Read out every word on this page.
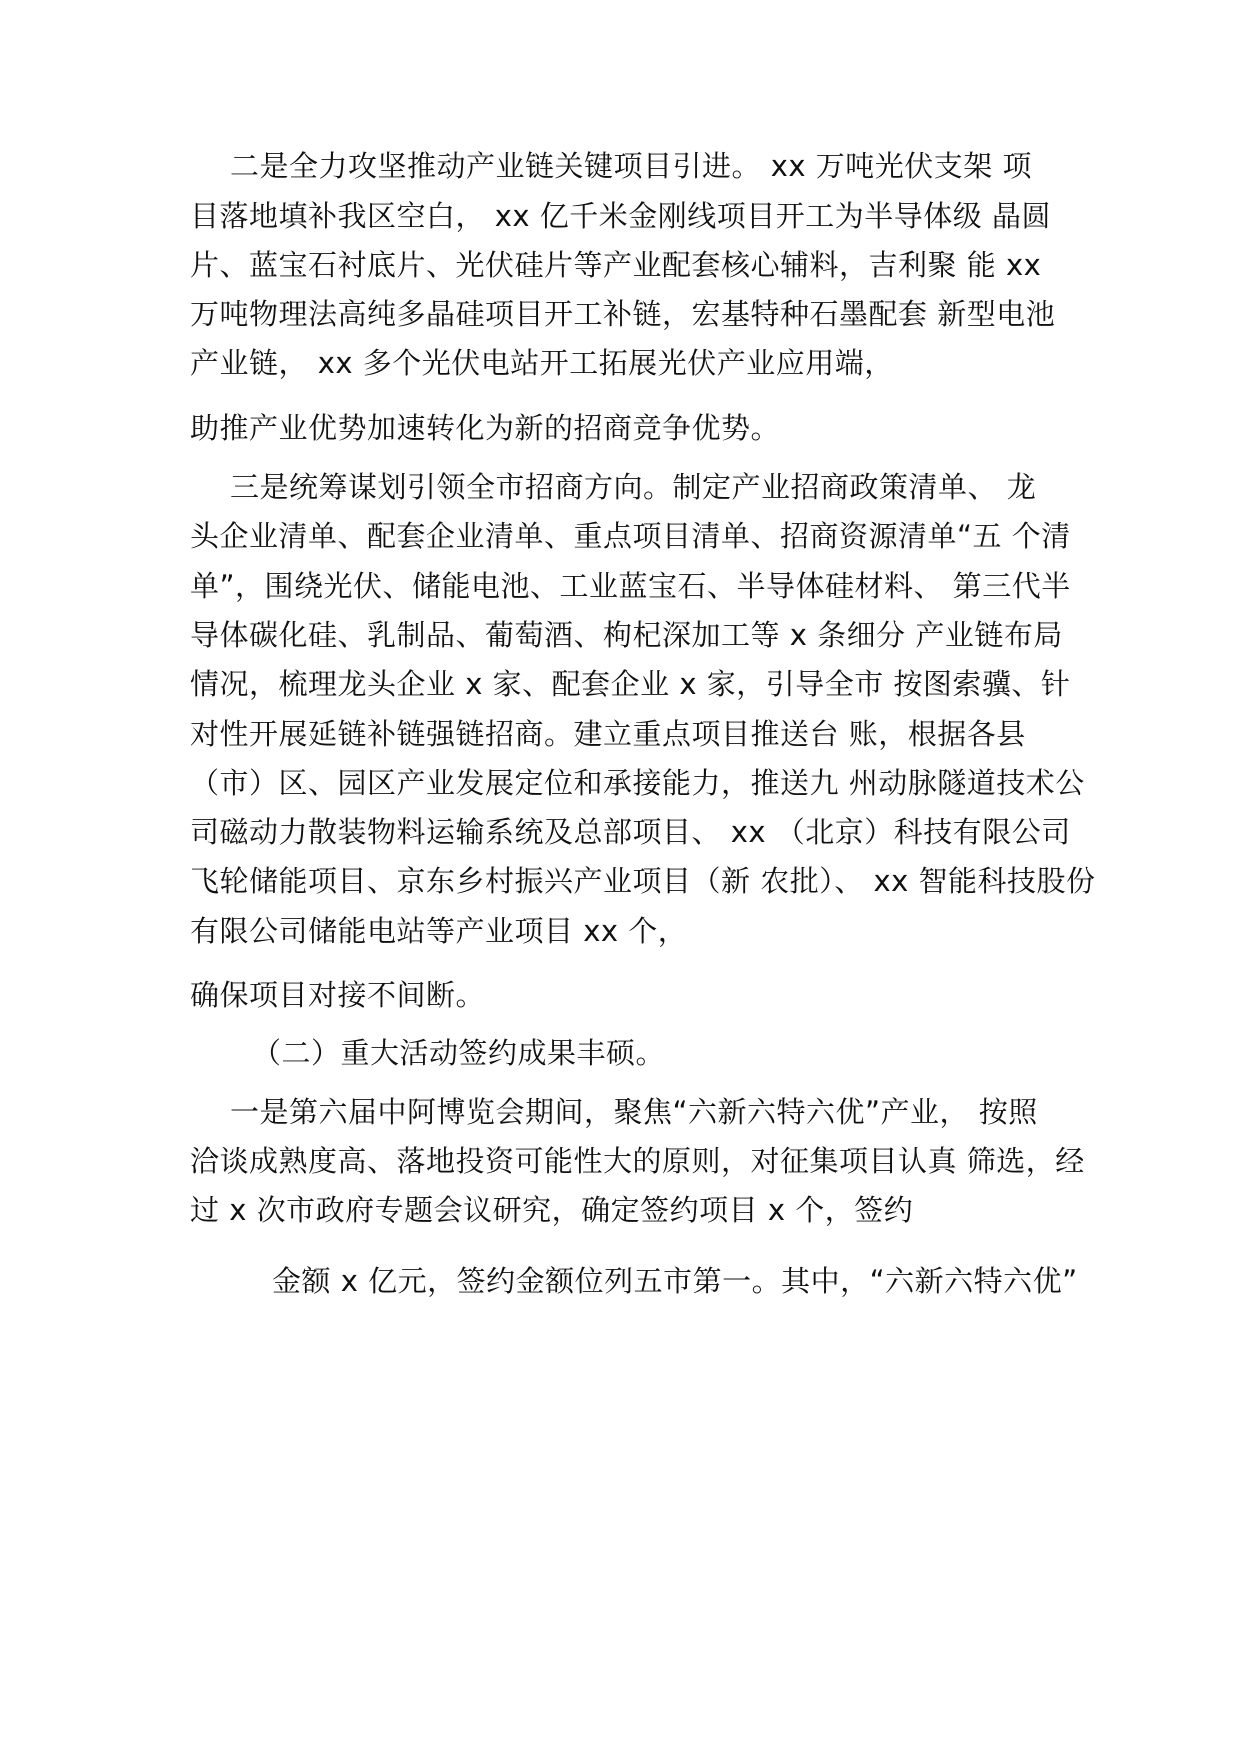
二是全力攻坚推动产业链关键项目引进。 xx 万吨光伏支架 项
目落地填补我区空白， xx 亿千米金刚线项目开工为半导体级 晶圆
片、蓝宝石衬底片、光伏硅片等产业配套核心辅料，吉利聚 能 xx
万吨物理法高纯多晶硅项目开工补链，宏基特种石墨配套 新型电池
产业链， xx 多个光伏电站开工拓展光伏产业应用端，
助推产业优势加速转化为新的招商竞争优势。
三是统筹谋划引领全市招商方向。制定产业招商政策清单、 龙
头企业清单、配套企业清单、重点项目清单、招商资源清单“五 个清
单”，围绕光伏、储能电池、工业蓝宝石、半导体硅材料、 第三代半
导体碳化硅、乳制品、葡萄酒、枸杞深加工等 x 条细分 产业链布局
情况，梳理龙头企业 x 家、配套企业 x 家，引导全市 按图索骥、针
对性开展延链补链强链招商。建立重点项目推送台 账，根据各县
（市）区、园区产业发展定位和承接能力，推送九 州动脉隧道技术公
司磁动力散装物料运输系统及总部项目、 xx （北京）科技有限公司
飞轮储能项目、京东乡村振兴产业项目（新 农批）、 xx 智能科技股份
有限公司储能电站等产业项目 xx 个，
确保项目对接不间断。
（二）重大活动签约成果丰硕。
一是第六届中阿博览会期间，聚焦“六新六特六优”产业， 按照
洽谈成熟度高、落地投资可能性大的原则，对征集项目认真 筛选，经
过 x 次市政府专题会议研究，确定签约项目 x 个，签约
金额 x 亿元，签约金额位列五市第一。其中，“六新六特六优”
